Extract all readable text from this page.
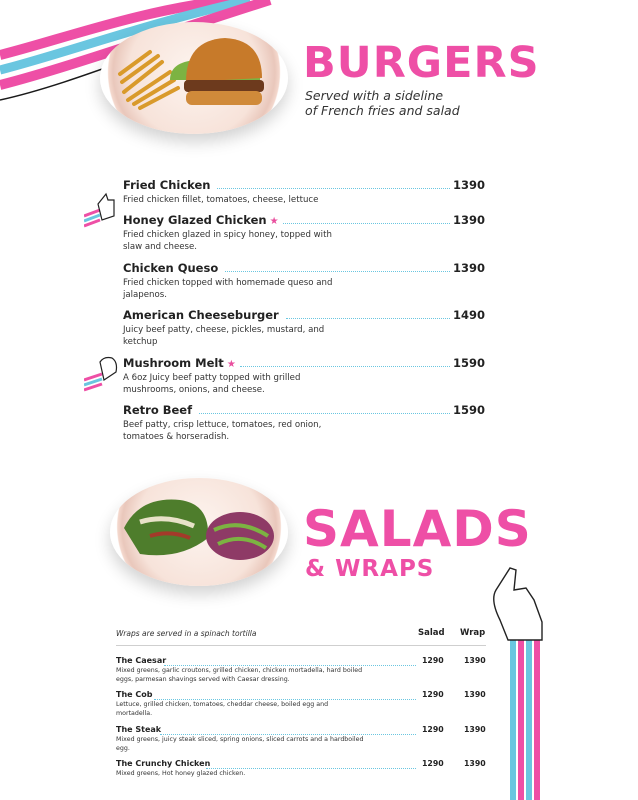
BURGERS
Served with a sideline
of French fries and salad
Fried Chicken	1390
Fried chicken fillet, tomatoes, cheese, lettuce
Honey Glazed Chicken ★	1390
Fried chicken glazed in spicy honey, topped with slaw and cheese.
Chicken Queso	1390
Fried chicken topped with homemade queso and jalapenos.
American Cheeseburger	1490
Juicy beef patty, cheese, pickles, mustard, and ketchup
Mushroom Melt ★	1590
A 6oz Juicy beef patty topped with grilled mushrooms, onions, and cheese.
Retro Beef	1590
Beef patty, crisp lettuce, tomatoes, red onion, tomatoes & horseradish.
SALADS
& WRAPS
Wraps are served in a spinach tortilla	Salad Wrap
The Caesar	1290	1390
Mixed greens, garlic croutons, grilled chicken, chicken mortadella, hard boiled eggs, parmesan shavings served with Caesar dressing.
The Cob	1290	1390
Lettuce, grilled chicken, tomatoes, cheddar cheese, boiled egg and mortadella.
The Steak	1290	1390
Mixed greens, juicy steak sliced, spring onions, sliced carrots and a hardboiled egg.
The Crunchy Chicken	1290	1390
Mixed greens, Hot honey glazed chicken.
